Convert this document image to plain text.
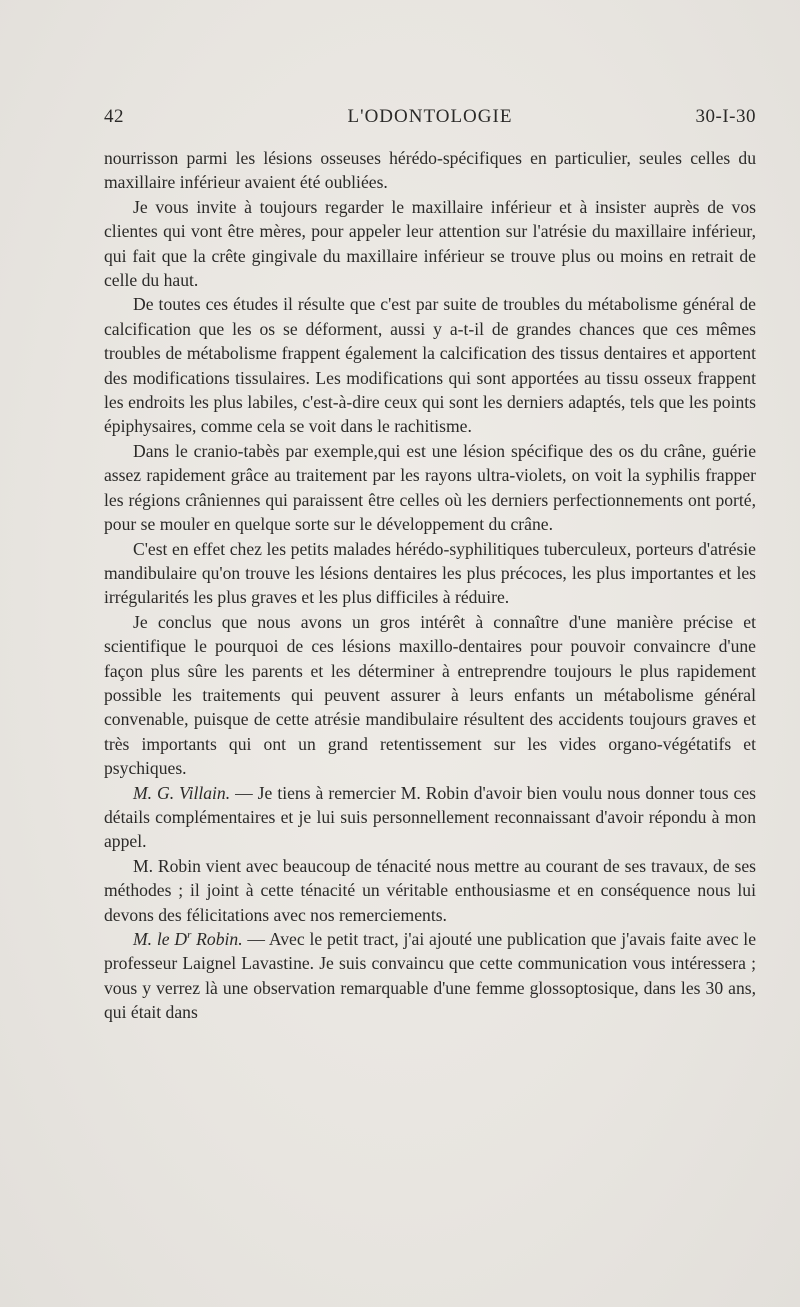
42	L'ODONTOLOGIE	30-I-30

nourrisson parmi les lésions osseuses hérédo-spécifiques en particulier, seules celles du maxillaire inférieur avaient été oubliées.

Je vous invite à toujours regarder le maxillaire inférieur et à insister auprès de vos clientes qui vont être mères, pour appeler leur attention sur l'atrésie du maxillaire inférieur, qui fait que la crête gingivale du maxillaire inférieur se trouve plus ou moins en retrait de celle du haut.

De toutes ces études il résulte que c'est par suite de troubles du métabolisme général de calcification que les os se déforment, aussi y a-t-il de grandes chances que ces mêmes troubles de métabolisme frappent également la calcification des tissus dentaires et apportent des modifications tissulaires. Les modifications qui sont apportées au tissu osseux frappent les endroits les plus labiles, c'est-à-dire ceux qui sont les derniers adaptés, tels que les points épiphysaires, comme cela se voit dans le rachitisme.

Dans le cranio-tabès par exemple,qui est une lésion spécifique des os du crâne, guérie assez rapidement grâce au traitement par les rayons ultra-violets, on voit la syphilis frapper les régions crâniennes qui paraissent être celles où les derniers perfectionnements ont porté, pour se mouler en quelque sorte sur le développement du crâne.

C'est en effet chez les petits malades hérédo-syphilitiques tuberculeux, porteurs d'atrésie mandibulaire qu'on trouve les lésions dentaires les plus précoces, les plus importantes et les irrégularités les plus graves et les plus difficiles à réduire.

Je conclus que nous avons un gros intérêt à connaître d'une manière précise et scientifique le pourquoi de ces lésions maxillo-dentaires pour pouvoir convaincre d'une façon plus sûre les parents et les déterminer à entreprendre toujours le plus rapidement possible les traitements qui peuvent assurer à leurs enfants un métabolisme général convenable, puisque de cette atrésie mandibulaire résultent des accidents toujours graves et très importants qui ont un grand retentissement sur les vides organo-végétatifs et psychiques.

M. G. Villain. — Je tiens à remercier M. Robin d'avoir bien voulu nous donner tous ces détails complémentaires et je lui suis personnellement reconnaissant d'avoir répondu à mon appel.

M. Robin vient avec beaucoup de ténacité nous mettre au courant de ses travaux, de ses méthodes ; il joint à cette ténacité un véritable enthousiasme et en conséquence nous lui devons des félicitations avec nos remerciements.

M. le $D^r$ Robin. — Avec le petit tract, j'ai ajouté une publication que j'avais faite avec le professeur Laignel Lavastine. Je suis convaincu que cette communication vous intéressera ; vous y verrez là une observation remarquable d'une femme glossoptosique, dans les 30 ans, qui était dans
